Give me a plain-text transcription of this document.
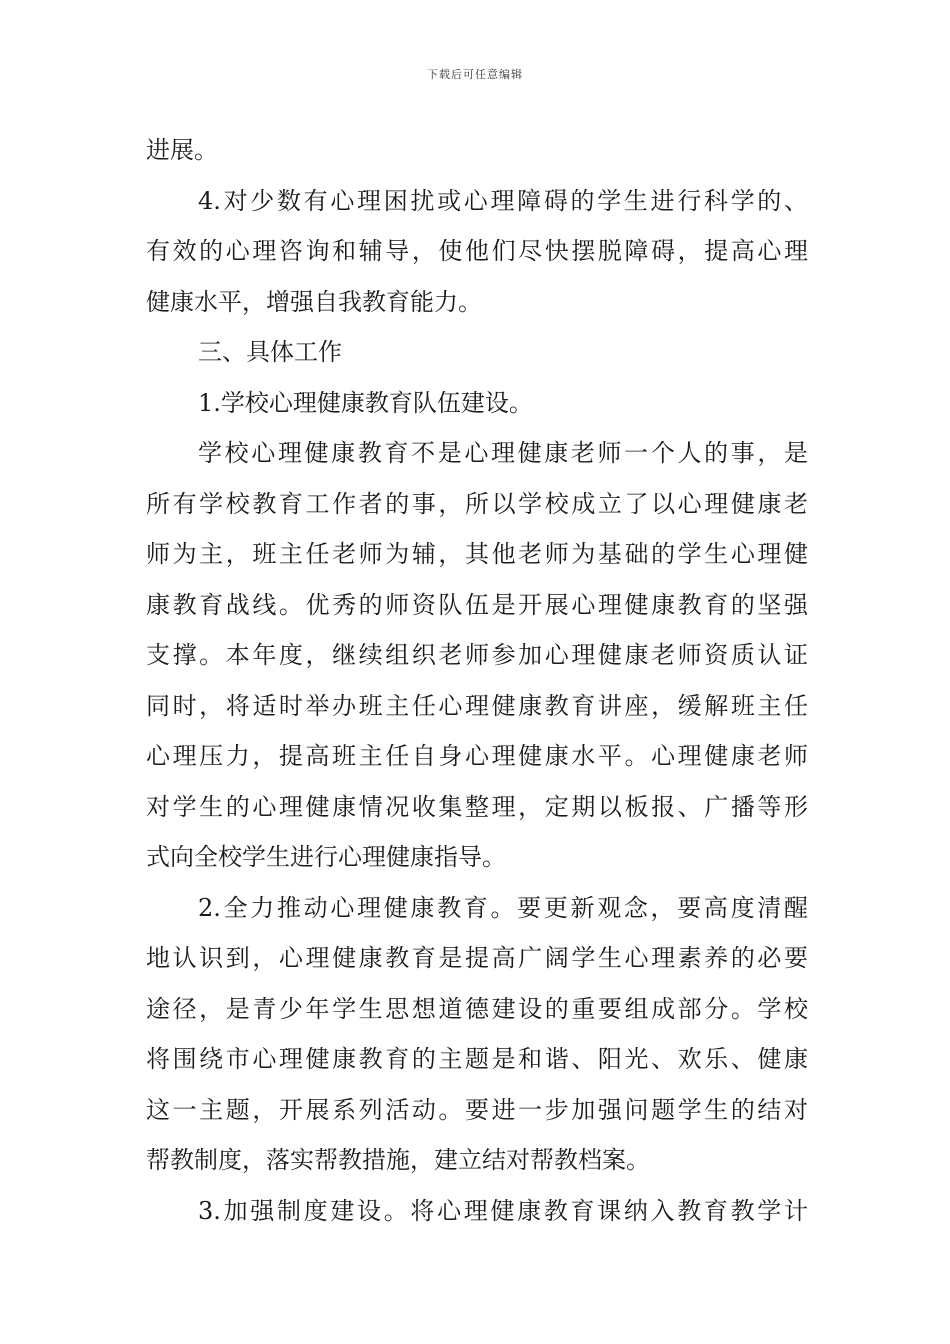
下载后可任意编辑
进展。
4.对少数有心理困扰或心理障碍的学生进行科学的、
有效的心理咨询和辅导，使他们尽快摆脱障碍，提高心理
健康水平，增强自我教育能力。
三、具体工作
1.学校心理健康教育队伍建设。
学校心理健康教育不是心理健康老师一个人的事，是
所有学校教育工作者的事，所以学校成立了以心理健康老
师为主，班主任老师为辅，其他老师为基础的学生心理健
康教育战线。优秀的师资队伍是开展心理健康教育的坚强
支撑。本年度，继续组织老师参加心理健康老师资质认证
同时，将适时举办班主任心理健康教育讲座，缓解班主任
心理压力，提高班主任自身心理健康水平。心理健康老师
对学生的心理健康情况收集整理，定期以板报、广播等形
式向全校学生进行心理健康指导。
2.全力推动心理健康教育。要更新观念，要高度清醒
地认识到，心理健康教育是提高广阔学生心理素养的必要
途径，是青少年学生思想道德建设的重要组成部分。学校
将围绕市心理健康教育的主题是和谐、阳光、欢乐、健康
这一主题，开展系列活动。要进一步加强问题学生的结对
帮教制度，落实帮教措施，建立结对帮教档案。
3.加强制度建设。将心理健康教育课纳入教育教学计
